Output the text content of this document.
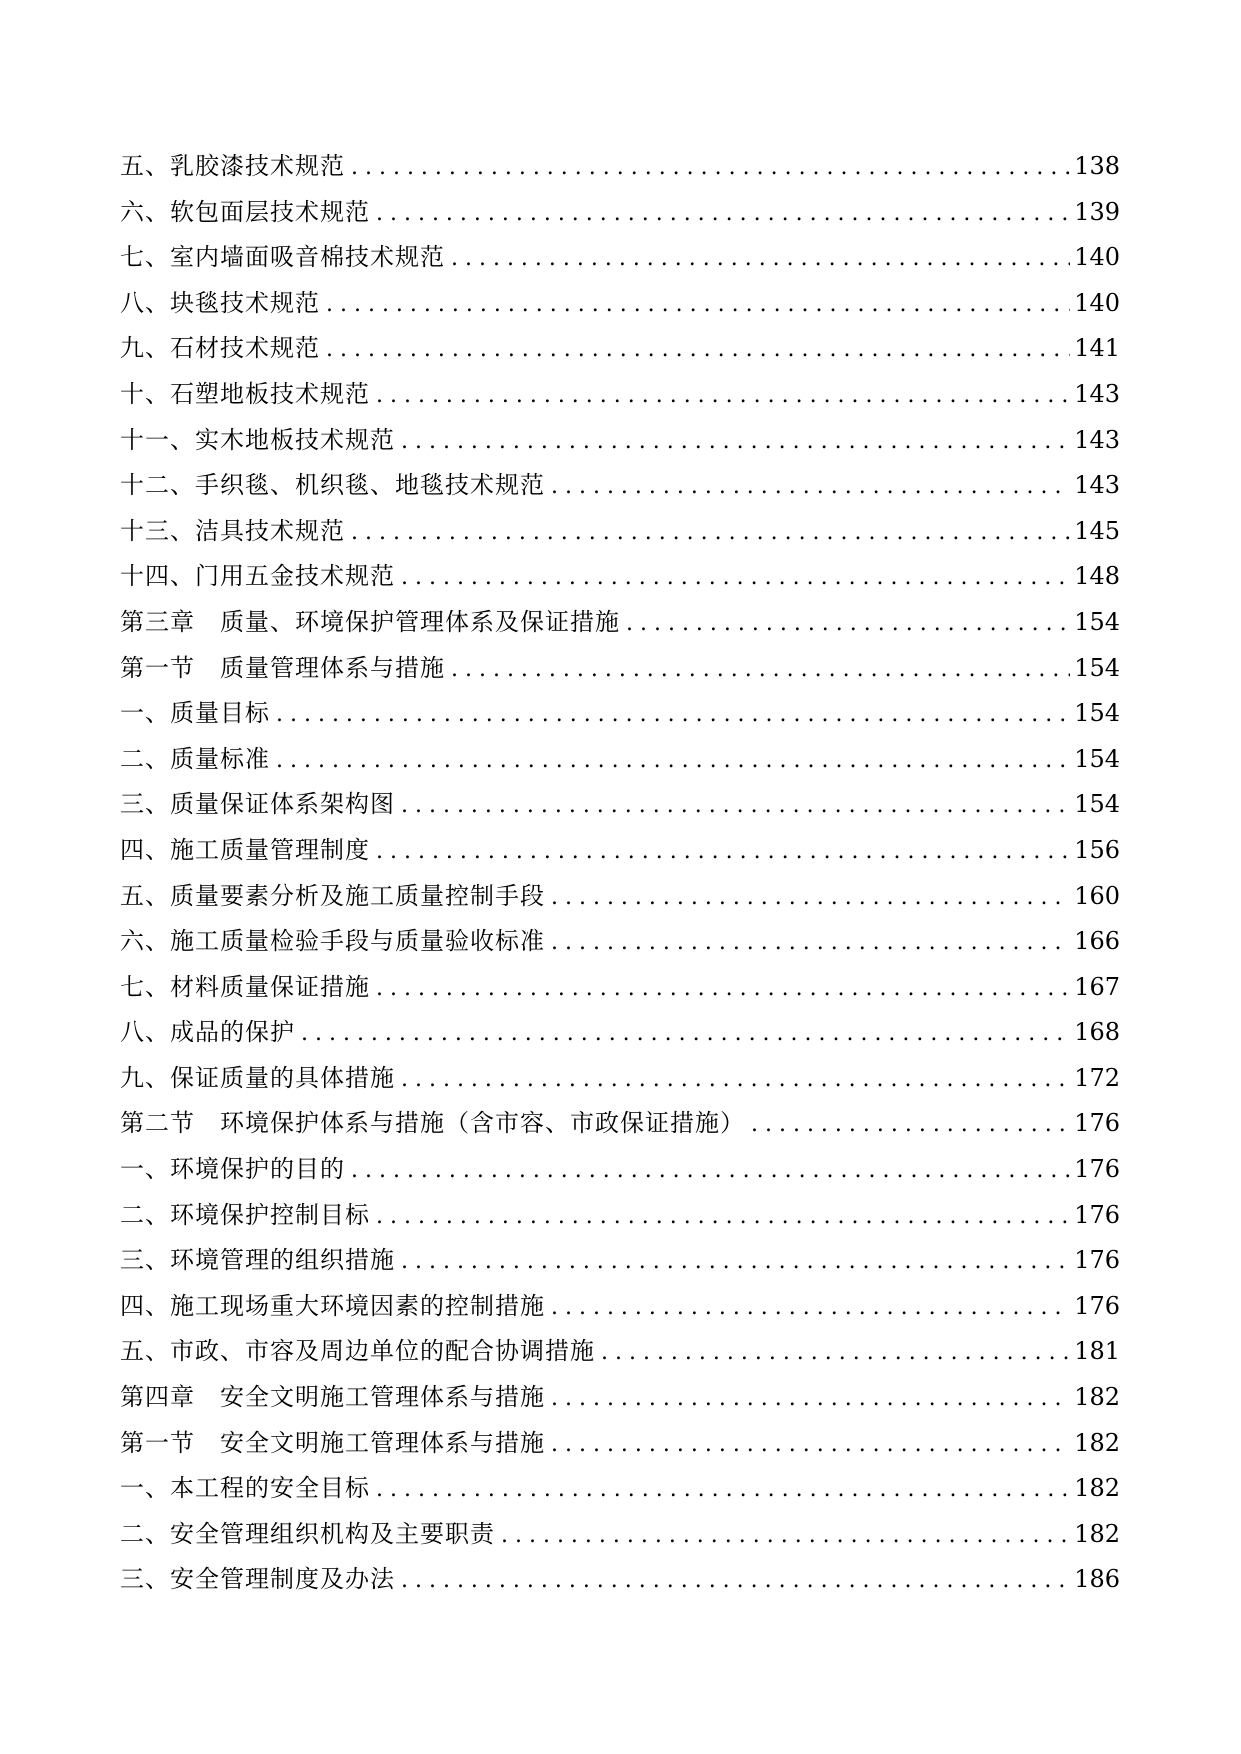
五、乳胶漆技术规范 . . .	138
六、软包面层技术规范 . . .	139
七、室内墙面吸音棉技术规范 . . .	140
八、块毯技术规范 . . .	140
九、石材技术规范 . . .	141
十、石塑地板技术规范 . . .	143
十一、实木地板技术规范 . . .	143
十二、手织毯、机织毯、地毯技术规范 . . .	143
十三、洁具技术规范 . . .	145
十四、门用五金技术规范 . . .	148
第三章　质量、环境保护管理体系及保证措施 . . .	154
第一节　质量管理体系与措施 . . .	154
一、质量目标 . . .	154
二、质量标准 . . .	154
三、质量保证体系架构图 . . .	154
四、施工质量管理制度 . . .	156
五、质量要素分析及施工质量控制手段 . . .	160
六、施工质量检验手段与质量验收标准 . . .	166
七、材料质量保证措施 . . .	167
八、成品的保护 . . .	168
九、保证质量的具体措施 . . .	172
第二节　环境保护体系与措施（含市容、市政保证措施） . . .	176
一、环境保护的目的 . . .	176
二、环境保护控制目标 . . .	176
三、环境管理的组织措施 . . .	176
四、施工现场重大环境因素的控制措施 . . .	176
五、市政、市容及周边单位的配合协调措施 . . .	181
第四章　安全文明施工管理体系与措施 . . .	182
第一节　安全文明施工管理体系与措施 . . .	182
一、本工程的安全目标 . . .	182
二、安全管理组织机构及主要职责 . . .	182
三、安全管理制度及办法 . . .	186
